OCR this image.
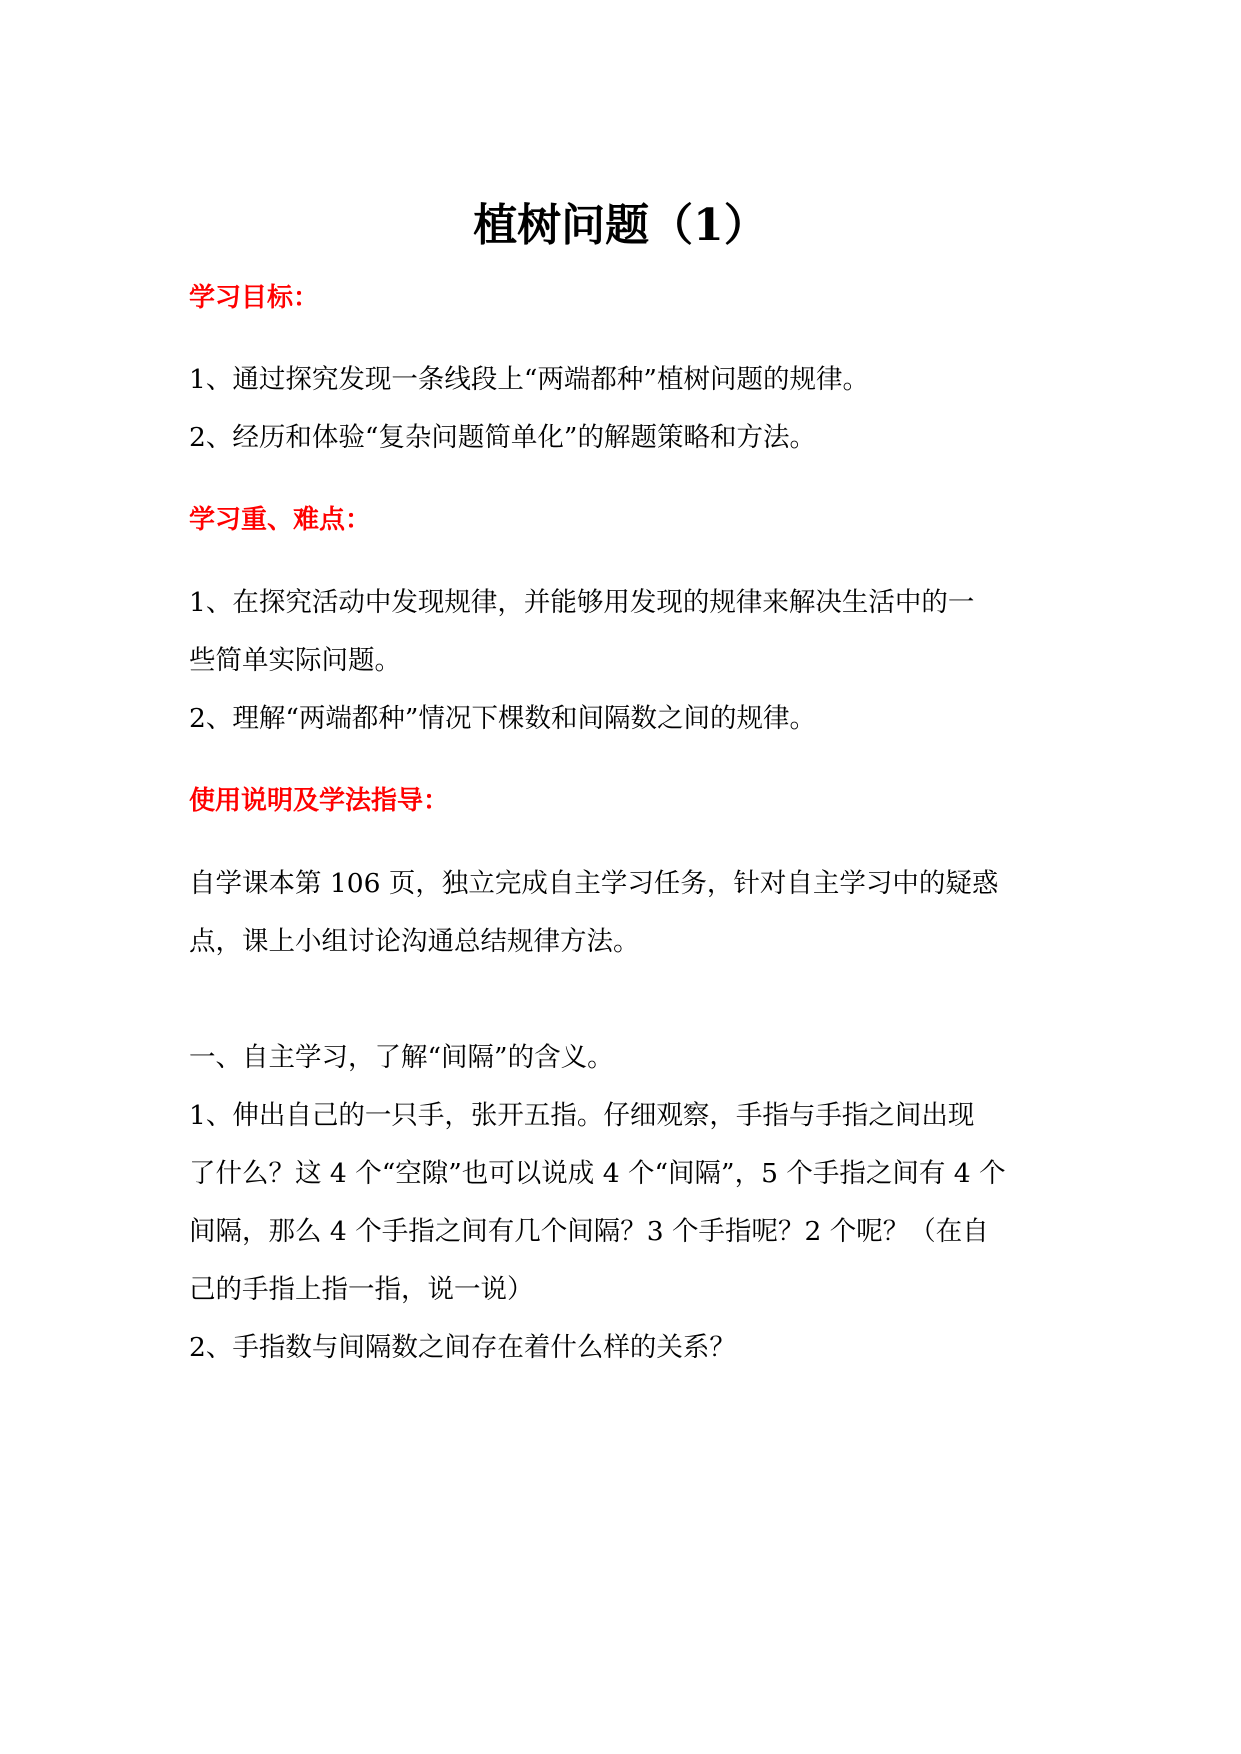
植树问题（1）
学习目标：
1、通过探究发现一条线段上“两端都种”植树问题的规律。
2、经历和体验“复杂问题简单化”的解题策略和方法。
学习重、难点：
1、在探究活动中发现规律，并能够用发现的规律来解决生活中的一
些简单实际问题。
2、理解“两端都种”情况下棵数和间隔数之间的规律。
使用说明及学法指导：
自学课本第 106 页，独立完成自主学习任务，针对自主学习中的疑惑
点，课上小组讨论沟通总结规律方法。
一、自主学习，了解“间隔”的含义。
1、伸出自己的一只手，张开五指。仔细观察，手指与手指之间出现
了什么？这 4 个“空隙”也可以说成 4 个“间隔”，5 个手指之间有 4 个
间隔，那么 4 个手指之间有几个间隔？3 个手指呢？2 个呢？（在自
己的手指上指一指，说一说）
2、手指数与间隔数之间存在着什么样的关系？
